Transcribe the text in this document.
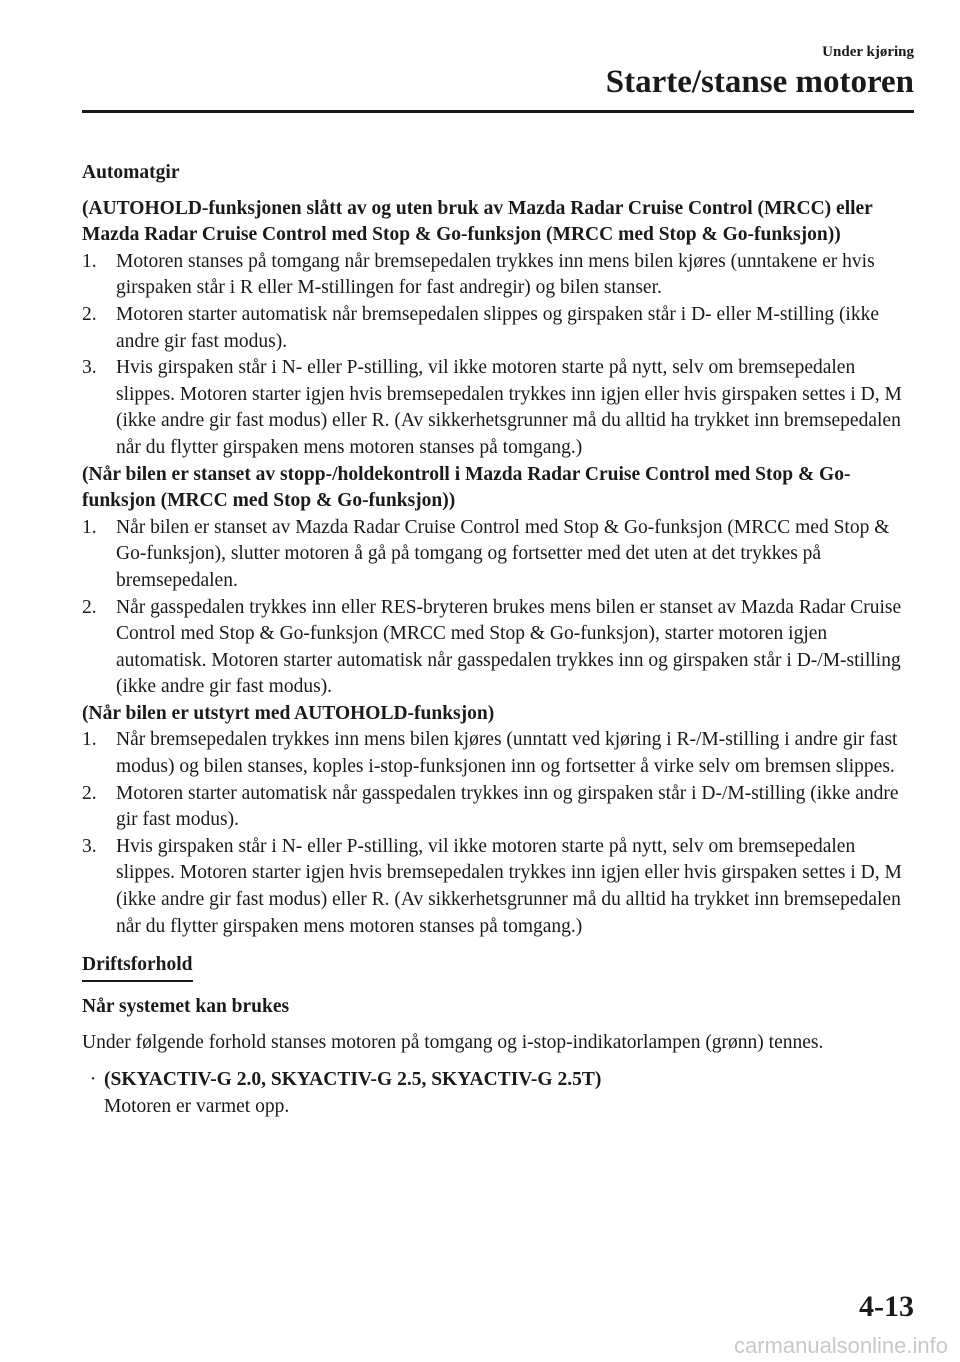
Under kjøring

Starte/stanse motoren

Automatgir

(AUTOHOLD-funksjonen slått av og uten bruk av Mazda Radar Cruise Control (MRCC) eller Mazda Radar Cruise Control med Stop & Go-funksjon (MRCC med Stop & Go-funksjon))

1. Motoren stanses på tomgang når bremsepedalen trykkes inn mens bilen kjøres (unntakene er hvis girspaken står i R eller M-stillingen for fast andregir) og bilen stanser.
2. Motoren starter automatisk når bremsepedalen slippes og girspaken står i D- eller M-stilling (ikke andre gir fast modus).
3. Hvis girspaken står i N- eller P-stilling, vil ikke motoren starte på nytt, selv om bremsepedalen slippes. Motoren starter igjen hvis bremsepedalen trykkes inn igjen eller hvis girspaken settes i D, M (ikke andre gir fast modus) eller R. (Av sikkerhetsgrunner må du alltid ha trykket inn bremsepedalen når du flytter girspaken mens motoren stanses på tomgang.)

(Når bilen er stanset av stopp-/holdekontroll i Mazda Radar Cruise Control med Stop & Go-funksjon (MRCC med Stop & Go-funksjon))

1. Når bilen er stanset av Mazda Radar Cruise Control med Stop & Go-funksjon (MRCC med Stop & Go-funksjon), slutter motoren å gå på tomgang og fortsetter med det uten at det trykkes på bremsepedalen.
2. Når gasspedalen trykkes inn eller RES-bryteren brukes mens bilen er stanset av Mazda Radar Cruise Control med Stop & Go-funksjon (MRCC med Stop & Go-funksjon), starter motoren igjen automatisk. Motoren starter automatisk når gasspedalen trykkes inn og girspaken står i D-/M-stilling (ikke andre gir fast modus).

(Når bilen er utstyrt med AUTOHOLD-funksjon)

1. Når bremsepedalen trykkes inn mens bilen kjøres (unntatt ved kjøring i R-/M-stilling i andre gir fast modus) og bilen stanses, koples i-stop-funksjonen inn og fortsetter å virke selv om bremsen slippes.
2. Motoren starter automatisk når gasspedalen trykkes inn og girspaken står i D-/M-stilling (ikke andre gir fast modus).
3. Hvis girspaken står i N- eller P-stilling, vil ikke motoren starte på nytt, selv om bremsepedalen slippes. Motoren starter igjen hvis bremsepedalen trykkes inn igjen eller hvis girspaken settes i D, M (ikke andre gir fast modus) eller R. (Av sikkerhetsgrunner må du alltid ha trykket inn bremsepedalen når du flytter girspaken mens motoren stanses på tomgang.)

Driftsforhold

Når systemet kan brukes

Under følgende forhold stanses motoren på tomgang og i-stop-indikatorlampen (grønn) tennes.

· (SKYACTIV-G 2.0, SKYACTIV-G 2.5, SKYACTIV-G 2.5T)
Motoren er varmet opp.

4-13

carmanualsonline.info
